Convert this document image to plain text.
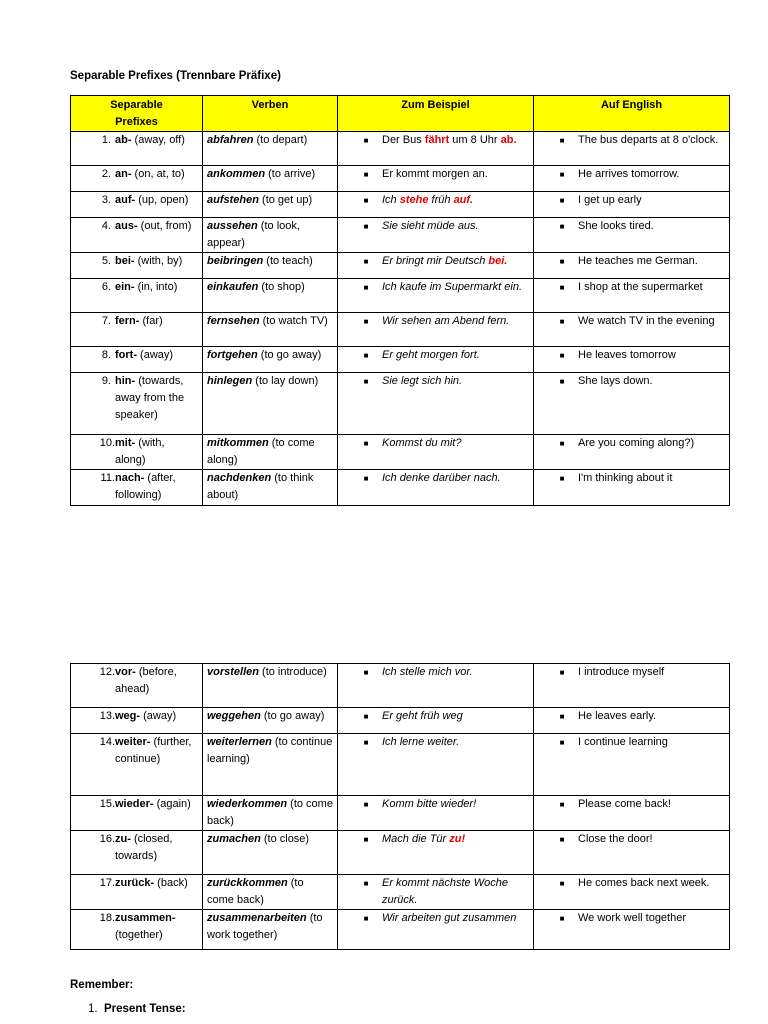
Separable Prefixes (Trennbare Präfixe)
Separable Prefixes	Verben	Zum Beispiel	Auf English

1. ab- (away, off)	abfahren (to depart)	■ Der Bus fährt um 8 Uhr ab.	■ The bus departs at 8 o'clock.

2. an- (on, at, to)	ankommen (to arrive)	■ Er kommt morgen an.	■ He arrives tomorrow.

3. auf- (up, open)	aufstehen (to get up)	■ Ich stehe früh auf.	■ I get up early

4. aus- (out, from)	aussehen (to look, appear)	■ Sie sieht müde aus.	■ She looks tired.

5. bei- (with, by)	beibringen (to teach)	■ Er bringt mir Deutsch bei.	■ He teaches me German.

6. ein- (in, into)	einkaufen (to shop)	■ Ich kaufe im Supermarkt ein.	■ I shop at the supermarket

7. fern- (far)	fernsehen (to watch TV)	■ Wir sehen am Abend fern.	■ We watch TV in the evening

8. fort- (away)	fortgehen (to go away)	■ Er geht morgen fort.	■ He leaves tomorrow

9. hin- (towards, away from the speaker)	hinlegen (to lay down)	■ Sie legt sich hin.	■ She lays down.

10. mit- (with, along)	mitkommen (to come along)	■ Kommst du mit?	■ Are you coming along?)

11. nach- (after, following)	nachdenken (to think about)	■ Ich denke darüber nach.	■ I'm thinking about it
12. vor- (before, ahead)	vorstellen (to introduce)	■ Ich stelle mich vor.	■ I introduce myself

13. weg- (away)	weggehen (to go away)	■ Er geht früh weg	■ He leaves early.

14. weiter- (further, continue)	weiterlernen (to continue learning)	■ Ich lerne weiter.	■ I continue learning

15. wieder- (again)	wiederkommen (to come back)	■ Komm bitte wieder!	■ Please come back!

16. zu- (closed, towards)	zumachen (to close)	■ Mach die Tür zu!	■ Close the door!

17. zurück- (back)	zurückkommen (to come back)	■ Er kommt nächste Woche zurück.	■ He comes back next week.

18. zusammen- (together)	zusammenarbeiten (to work together)	■ Wir arbeiten gut zusammen	■ We work well together
Remember:
1. Present Tense:
